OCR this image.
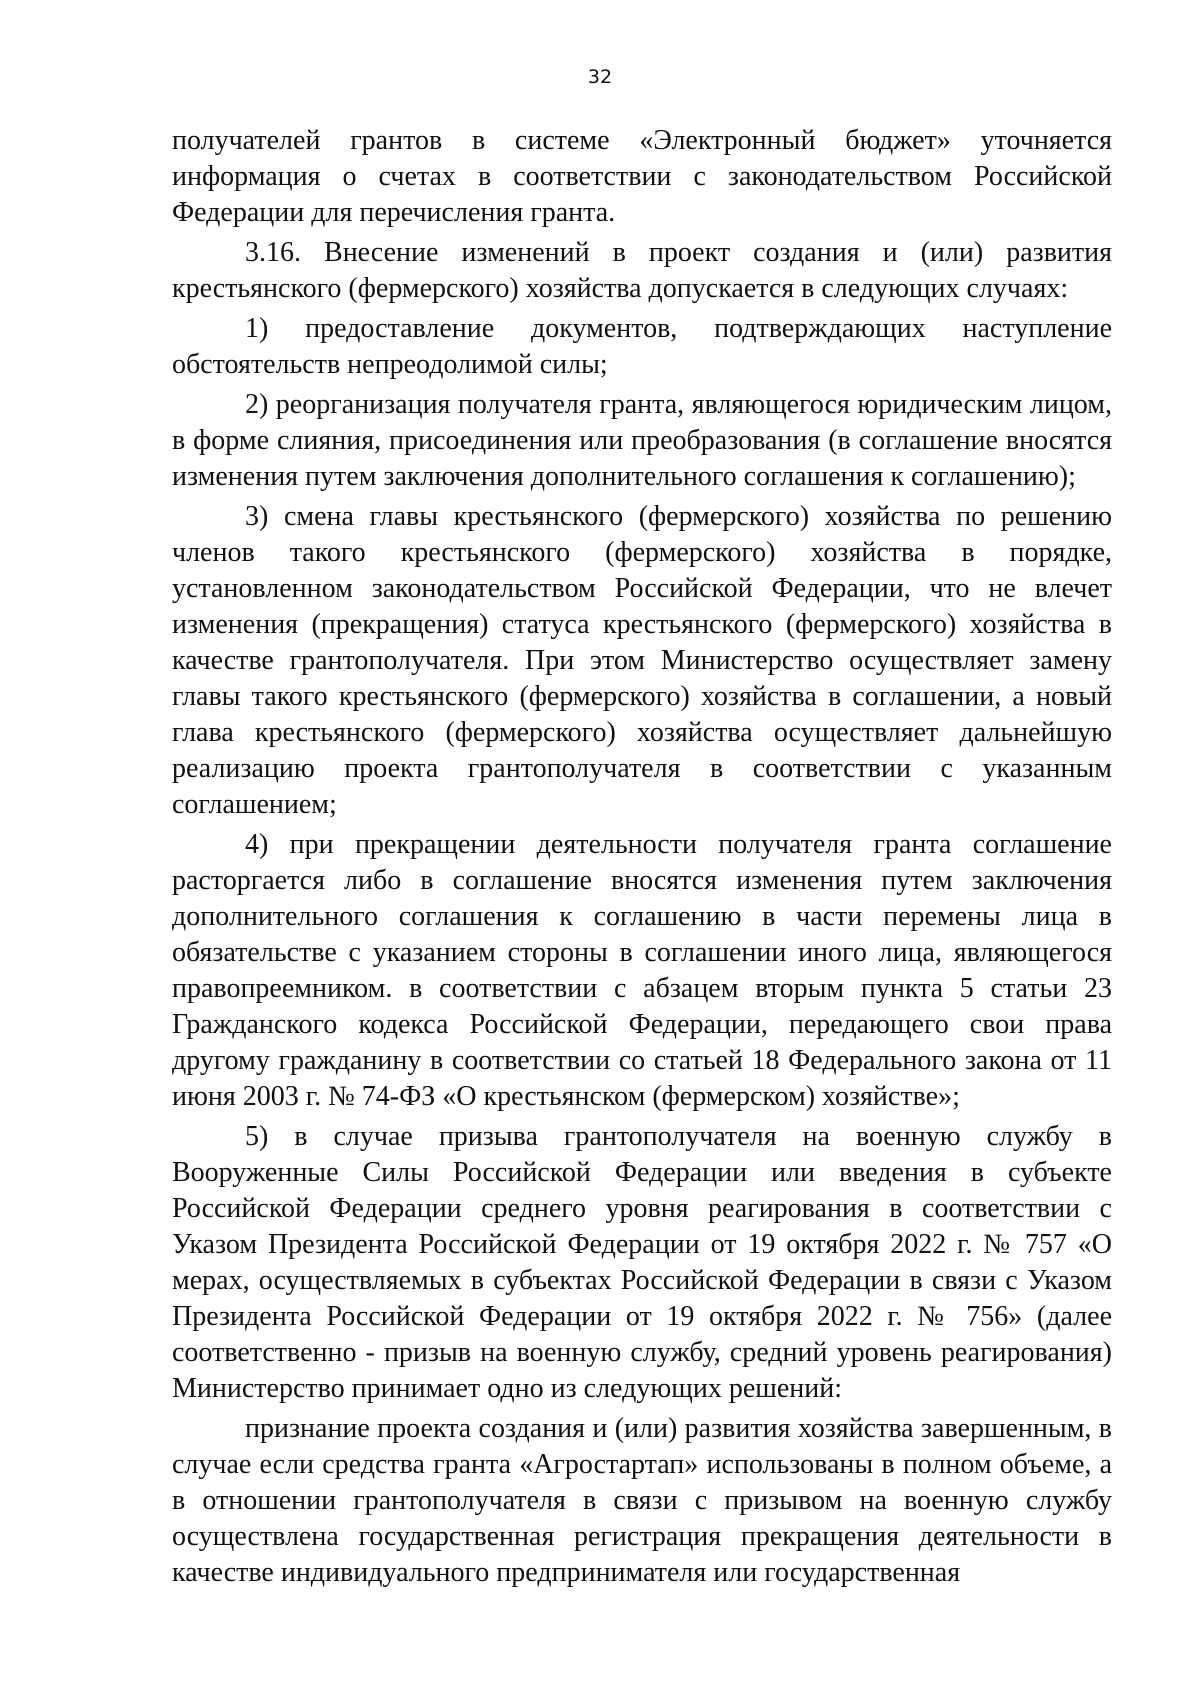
32

получателей грантов в системе «Электронный бюджет» уточняется информация о счетах в соответствии с законодательством Российской Федерации для перечисления гранта.

3.16. Внесение изменений в проект создания и (или) развития крестьянского (фермерского) хозяйства допускается в следующих случаях:

1) предоставление документов, подтверждающих наступление обстоятельств непреодолимой силы;

2) реорганизация получателя гранта, являющегося юридическим лицом, в форме слияния, присоединения или преобразования (в соглашение вносятся изменения путем заключения дополнительного соглашения к соглашению);

3) смена главы крестьянского (фермерского) хозяйства по решению членов такого крестьянского (фермерского) хозяйства в порядке, установленном законодательством Российской Федерации, что не влечет изменения (прекращения) статуса крестьянского (фермерского) хозяйства в качестве грантополучателя. При этом Министерство осуществляет замену главы такого крестьянского (фермерского) хозяйства в соглашении, а новый глава крестьянского (фермерского) хозяйства осуществляет дальнейшую реализацию проекта грантополучателя в соответствии с указанным соглашением;

4) при прекращении деятельности получателя гранта соглашение расторгается либо в соглашение вносятся изменения путем заключения дополнительного соглашения к соглашению в части перемены лица в обязательстве с указанием стороны в соглашении иного лица, являющегося правопреемником. в соответствии с абзацем вторым пункта 5 статьи 23 Гражданского кодекса Российской Федерации, передающего свои права другому гражданину в соответствии со статьей 18 Федерального закона от 11 июня 2003 г. № 74-ФЗ «О крестьянском (фермерском) хозяйстве»;

5) в случае призыва грантополучателя на военную службу в Вооруженные Силы Российской Федерации или введения в субъекте Российской Федерации среднего уровня реагирования в соответствии с Указом Президента Российской Федерации от 19 октября 2022 г. № 757 «О мерах, осуществляемых в субъектах Российской Федерации в связи с Указом Президента Российской Федерации от 19 октября 2022 г. № 756» (далее соответственно - призыв на военную службу, средний уровень реагирования) Министерство принимает одно из следующих решений:

признание проекта создания и (или) развития хозяйства завершенным, в случае если средства гранта «Агростартап» использованы в полном объеме, а в отношении грантополучателя в связи с призывом на военную службу осуществлена государственная регистрация прекращения деятельности в качестве индивидуального предпринимателя или государственная
